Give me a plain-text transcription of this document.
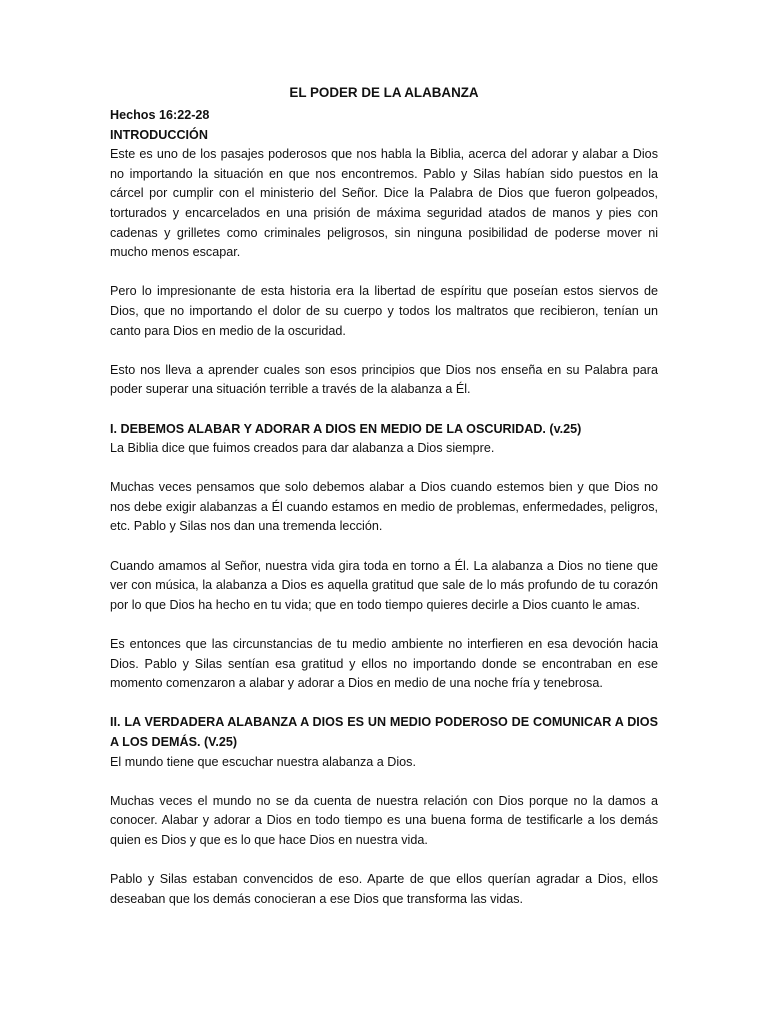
EL PODER DE LA ALABANZA
Hechos 16:22-28
INTRODUCCIÓN

Este es uno de los pasajes poderosos que nos habla la Biblia, acerca del adorar y alabar a Dios no importando la situación en que nos encontremos. Pablo y Silas habían sido puestos en la cárcel por cumplir con el ministerio del Señor. Dice la Palabra de Dios que fueron golpeados, torturados y encarcelados en una prisión de máxima seguridad atados de manos y pies con cadenas y grilletes como criminales peligrosos, sin ninguna posibilidad de poderse mover ni mucho menos escapar.

Pero lo impresionante de esta historia era la libertad de espíritu que poseían estos siervos de Dios, que no importando el dolor de su cuerpo y todos los maltratos que recibieron, tenían un canto para Dios en medio de la oscuridad.

Esto nos lleva a aprender cuales son esos principios que Dios nos enseña en su Palabra para poder superar una situación terrible a través de la alabanza a Él.

I. DEBEMOS ALABAR Y ADORAR A DIOS EN MEDIO DE LA OSCURIDAD. (v.25)

La Biblia dice que fuimos creados para dar alabanza a Dios siempre.

Muchas veces pensamos que solo debemos alabar a Dios cuando estemos bien y que Dios no nos debe exigir alabanzas a Él cuando estamos en medio de problemas, enfermedades, peligros, etc. Pablo y Silas nos dan una tremenda lección.

Cuando amamos al Señor, nuestra vida gira toda en torno a Él. La alabanza a Dios no tiene que ver con música, la alabanza a Dios es aquella gratitud que sale de lo más profundo de tu corazón por lo que Dios ha hecho en tu vida; que en todo tiempo quieres decirle a Dios cuanto le amas.

Es entonces que las circunstancias de tu medio ambiente no interfieren en esa devoción hacia Dios. Pablo y Silas sentían esa gratitud y ellos no importando donde se encontraban en ese momento comenzaron a alabar y adorar a Dios en medio de una noche fría y tenebrosa.

II. LA VERDADERA ALABANZA A DIOS ES UN MEDIO PODEROSO DE COMUNICAR A DIOS A LOS DEMÁS. (V.25)

El mundo tiene que escuchar nuestra alabanza a Dios.

Muchas veces el mundo no se da cuenta de nuestra relación con Dios porque no la damos a conocer. Alabar y adorar a Dios en todo tiempo es una buena forma de testificarle a los demás quien es Dios y que es lo que hace Dios en nuestra vida.

Pablo y Silas estaban convencidos de eso. Aparte de que ellos querían agradar a Dios, ellos deseaban que los demás conocieran a ese Dios que transforma las vidas.
